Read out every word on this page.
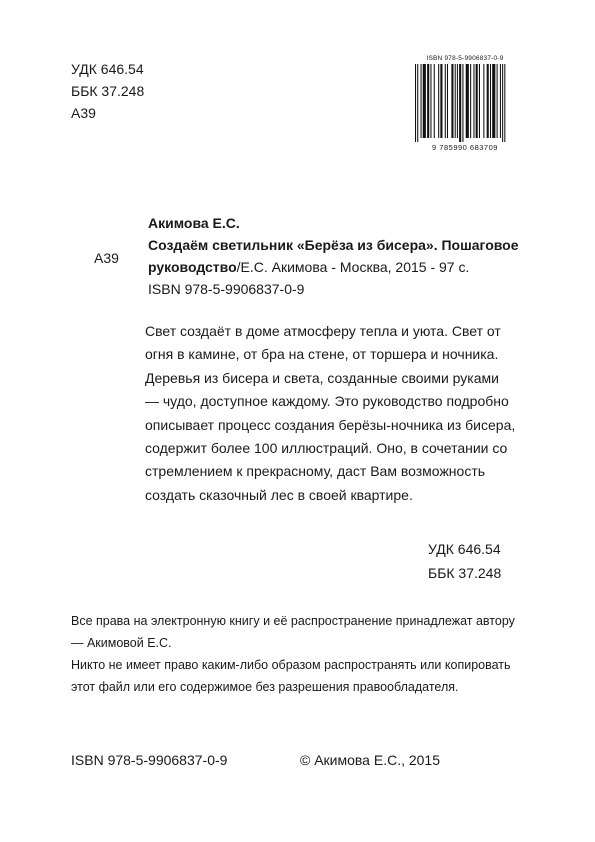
УДК 646.54
ББК 37.248
А39
ISBN 978-5-9906837-0-9
9 785990 683709
А39
Акимова Е.С.
Создаём светильник «Берёза из бисера». Пошаговое
руководство/Е.С. Акимова - Москва, 2015 - 97 с.
ISBN 978-5-9906837-0-9
Свет создаёт в доме атмосферу тепла и уюта. Свет от
огня в камине, от бра на стене, от торшера и ночника.
Деревья из бисера и света, созданные своими руками
— чудо, доступное каждому. Это руководство подробно
описывает процесс создания берёзы-ночника из бисера,
содержит более 100 иллюстраций. Оно, в сочетании со
стремлением к прекрасному, даст Вам возможность
создать сказочный лес в своей квартире.
УДК 646.54
ББК 37.248
Все права на электронную книгу и её распространение принадлежат автору
— Акимовой Е.С.
Никто не имеет право каким-либо образом распространять или копировать
этот файл или его содержимое без разрешения правообладателя.
ISBN 978-5-9906837-0-9	© Акимова Е.С., 2015
